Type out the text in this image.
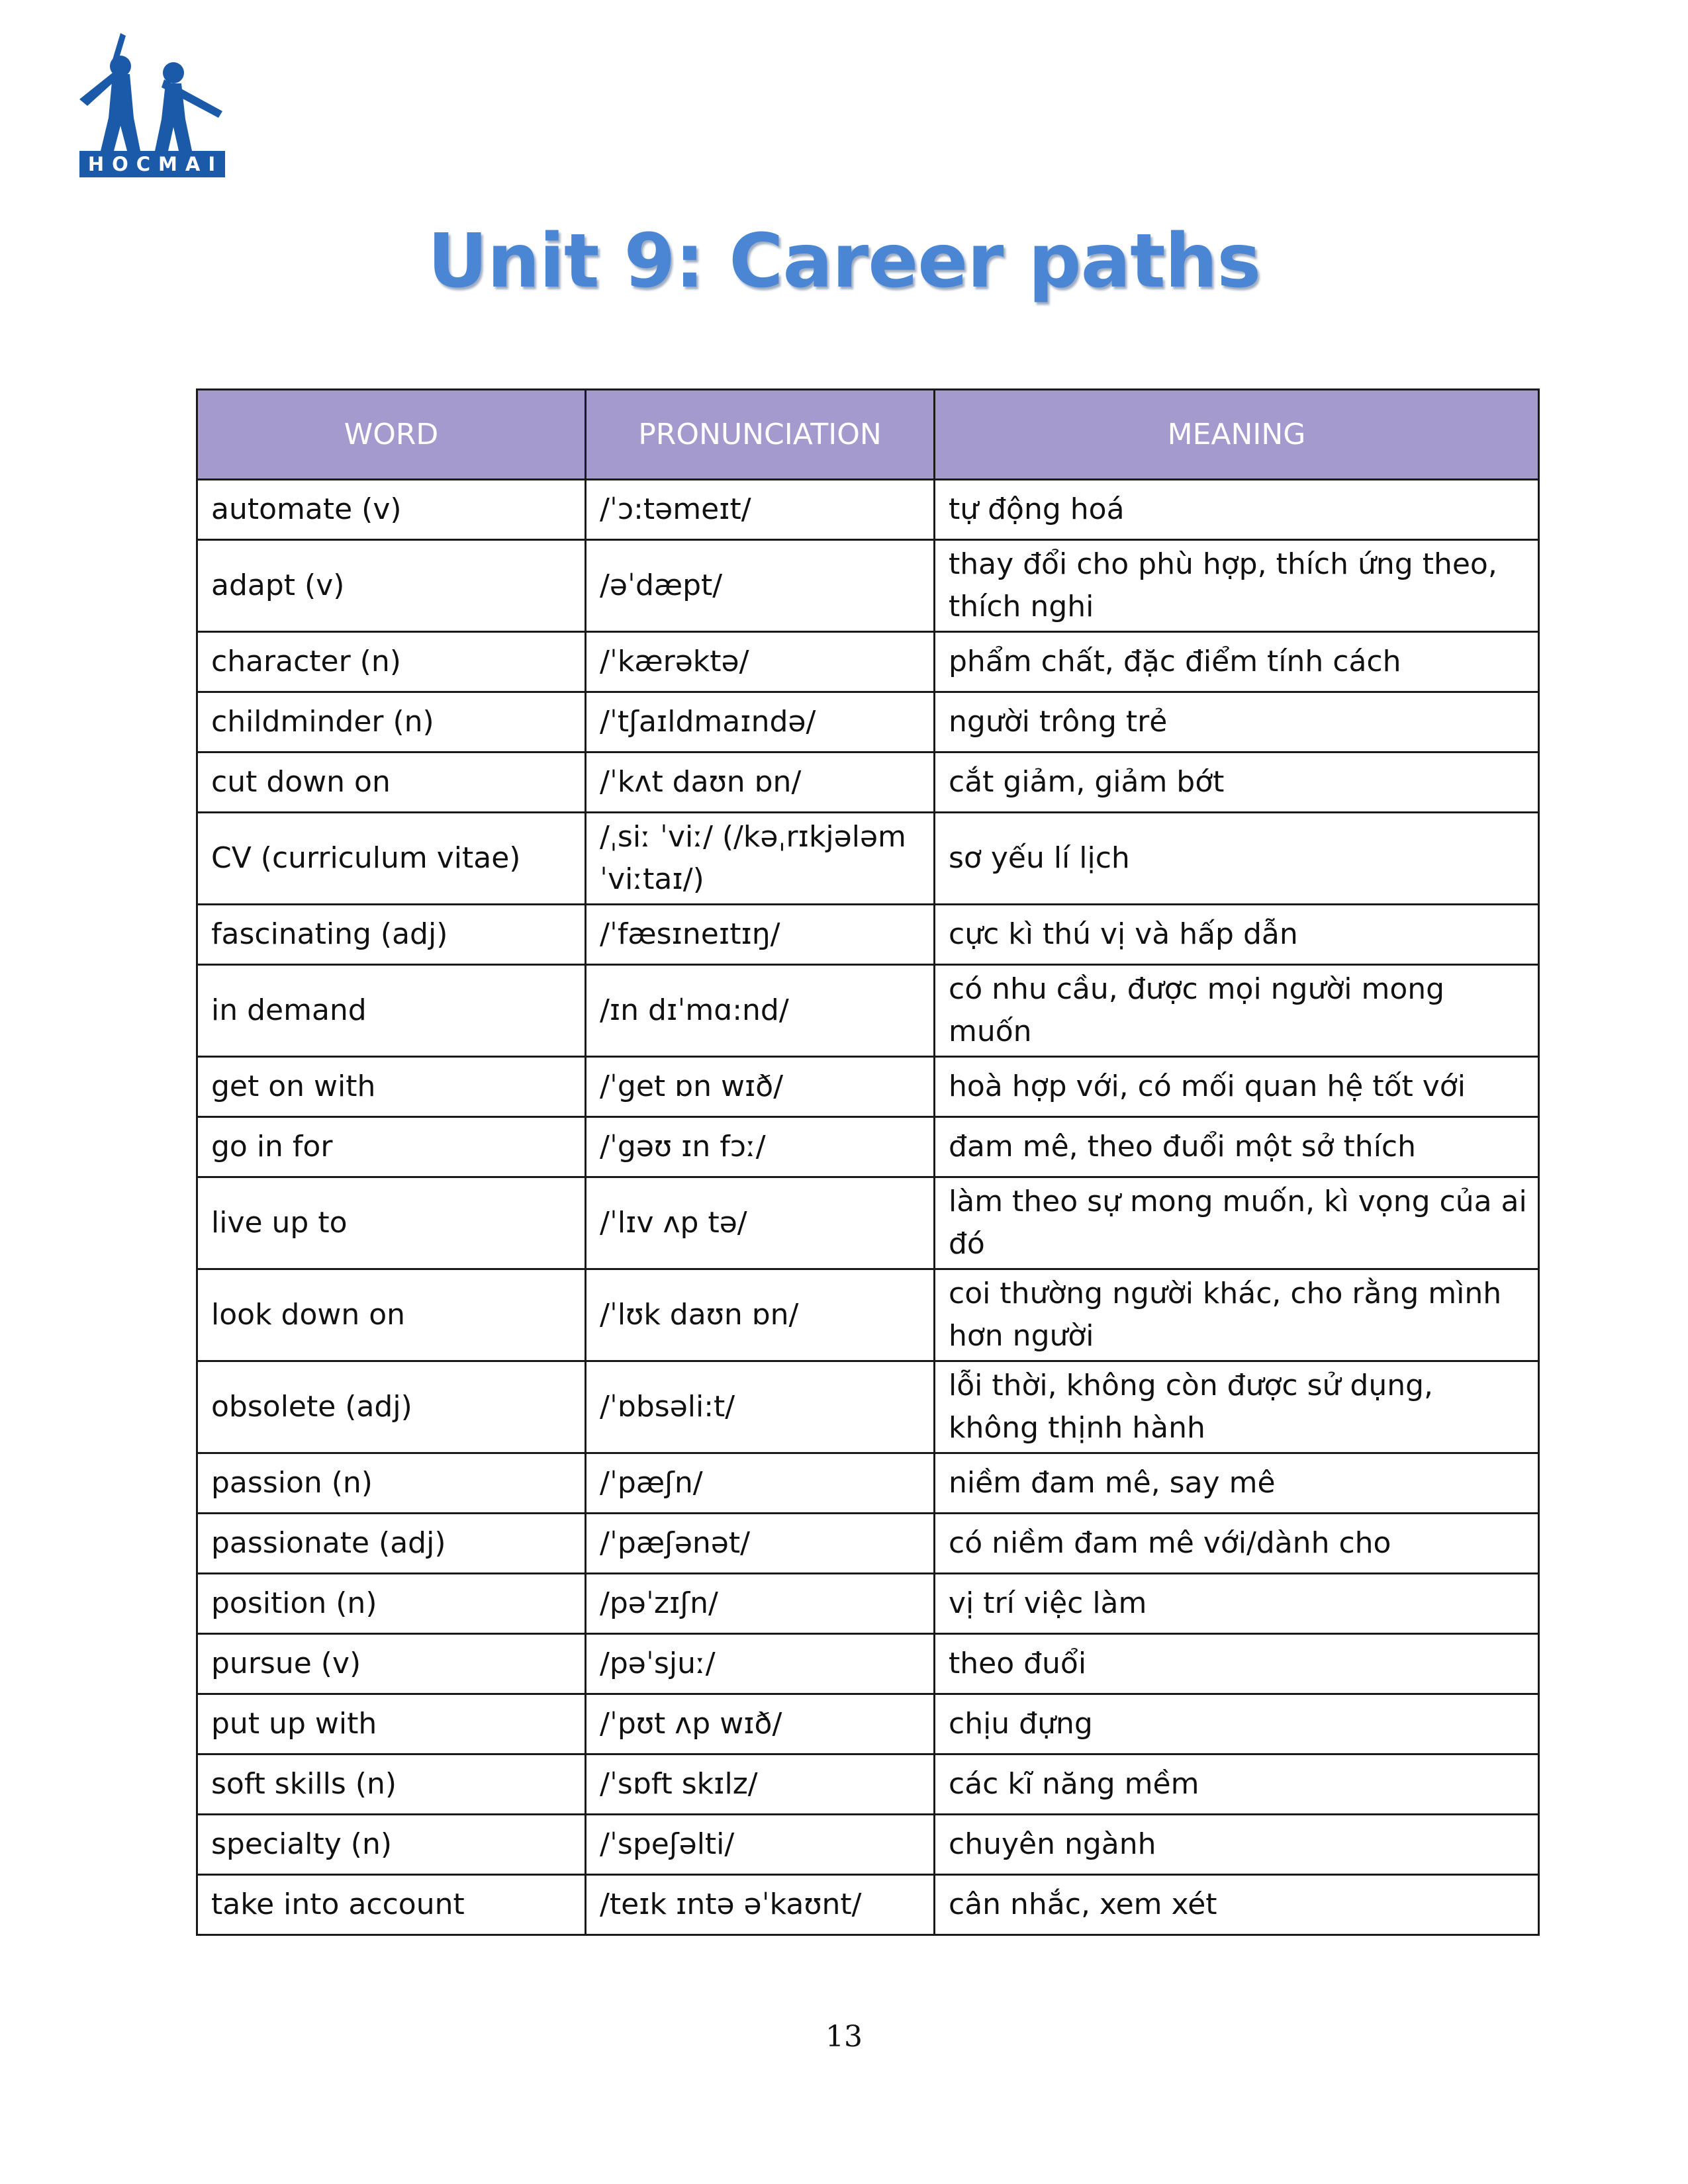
HOCMAI
Unit 9: Career paths
WORD	PRONUNCIATION	MEANING
automate (v)	/ˈɔ:təmeɪt/	tự động hoá
adapt (v)	/əˈdæpt/	thay đổi cho phù hợp, thích ứng theo, thích nghi
character (n)	/ˈkærəktə/	phẩm chất, đặc điểm tính cách
childminder (n)	/ˈtʃaɪldmaɪndə/	người trông trẻ
cut down on	/ˈkʌt daʊn ɒn/	cắt giảm, giảm bớt
CV (curriculum vitae)	/ˌsiː ˈviː/ (/kəˌrɪkjələm ˈviːtaɪ/)	sơ yếu lí lịch
fascinating (adj)	/ˈfæsɪneɪtɪŋ/	cực kì thú vị và hấp dẫn
in demand	/ɪn dɪˈmɑ:nd/	có nhu cầu, được mọi người mong muốn
get on with	/ˈget ɒn wɪð/	hoà hợp với, có mối quan hệ tốt với
go in for	/ˈgəʊ ɪn fɔː/	đam mê, theo đuổi một sở thích
live up to	/ˈlɪv ʌp tə/	làm theo sự mong muốn, kì vọng của ai đó
look down on	/ˈlʊk daʊn ɒn/	coi thường người khác, cho rằng mình hơn người
obsolete (adj)	/ˈɒbsəli:t/	lỗi thời, không còn được sử dụng, không thịnh hành
passion (n)	/ˈpæʃn/	niềm đam mê, say mê
passionate (adj)	/ˈpæʃənət/	có niềm đam mê với/dành cho
position (n)	/pəˈzɪʃn/	vị trí việc làm
pursue (v)	/pəˈsjuː/	theo đuổi
put up with	/ˈpʊt ʌp wɪð/	chịu đựng
soft skills (n)	/ˈsɒft skɪlz/	các kĩ năng mềm
specialty (n)	/ˈspeʃəlti/	chuyên ngành
take into account	/teɪk ɪntə əˈkaʊnt/	cân nhắc, xem xét
13
